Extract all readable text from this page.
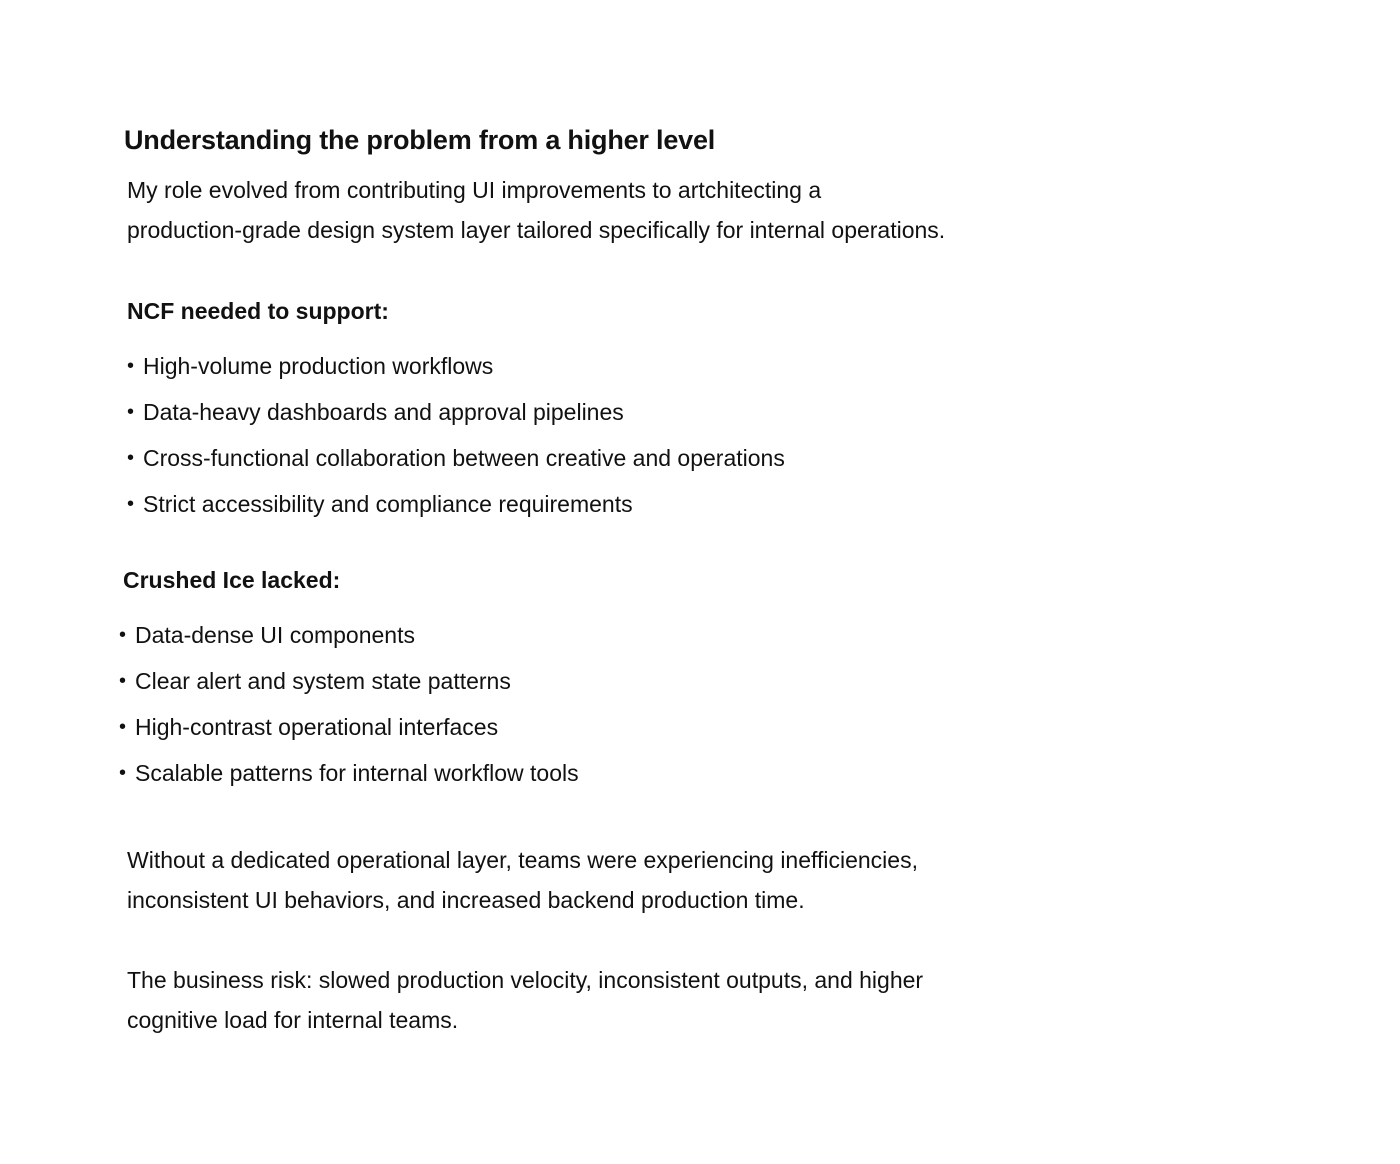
Understanding the problem from a higher level

My role evolved from contributing UI improvements to artchitecting a
production-grade design system layer tailored specifically for internal operations.

NCF needed to support:
• High-volume production workflows
• Data-heavy dashboards and approval pipelines
• Cross-functional collaboration between creative and operations
• Strict accessibility and compliance requirements
Crushed Ice lacked:
• Data-dense UI components
• Clear alert and system state patterns
• High-contrast operational interfaces
• Scalable patterns for internal workflow tools

Without a dedicated operational layer, teams were experiencing inefficiencies,
inconsistent UI behaviors, and increased backend production time.

The business risk: slowed production velocity, inconsistent outputs, and higher
cognitive load for internal teams.
